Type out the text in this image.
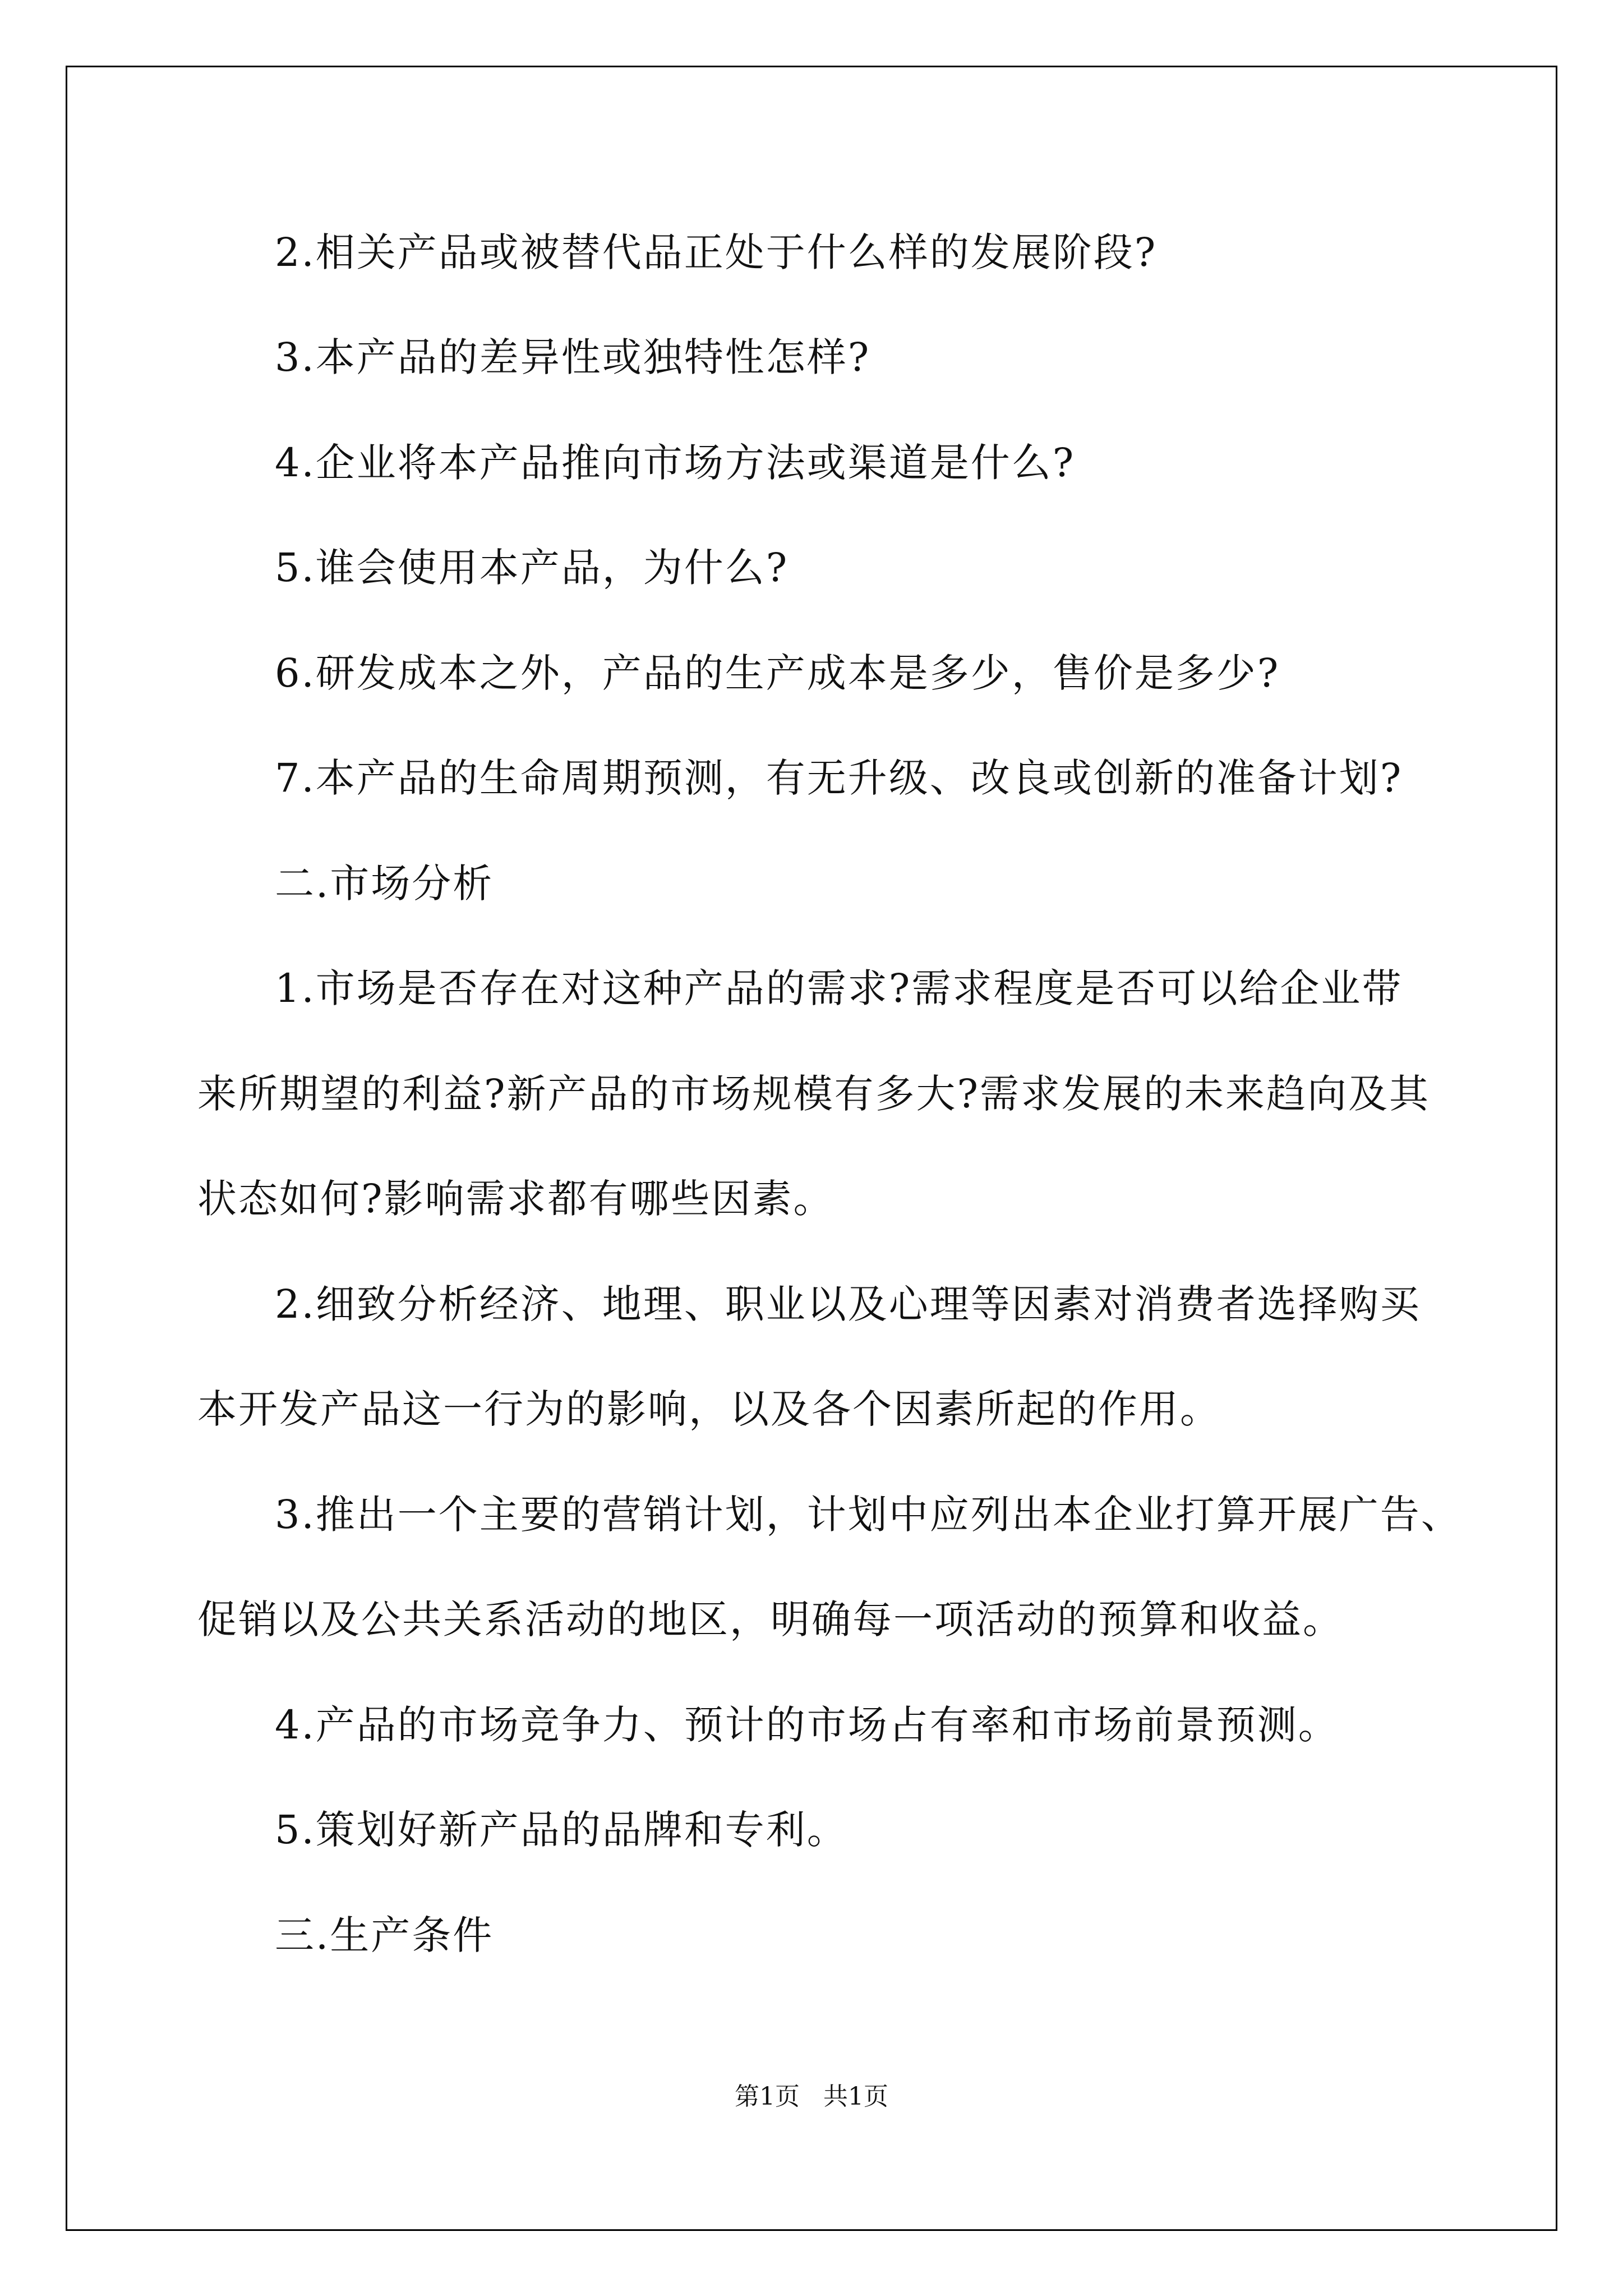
2.相关产品或被替代品正处于什么样的发展阶段?

3.本产品的差异性或独特性怎样?

4.企业将本产品推向市场方法或渠道是什么?

5.谁会使用本产品，为什么?

6.研发成本之外，产品的生产成本是多少，售价是多少?

7.本产品的生命周期预测，有无升级、改良或创新的准备计划?

二.市场分析

1.市场是否存在对这种产品的需求?需求程度是否可以给企业带

来所期望的利益?新产品的市场规模有多大?需求发展的未来趋向及其

状态如何?影响需求都有哪些因素。

2.细致分析经济、地理、职业以及心理等因素对消费者选择购买

本开发产品这一行为的影响，以及各个因素所起的作用。

3.推出一个主要的营销计划，计划中应列出本企业打算开展广告、

促销以及公共关系活动的地区，明确每一项活动的预算和收益。

4.产品的市场竞争力、预计的市场占有率和市场前景预测。

5.策划好新产品的品牌和专利。

三.生产条件

第1页   共1页
